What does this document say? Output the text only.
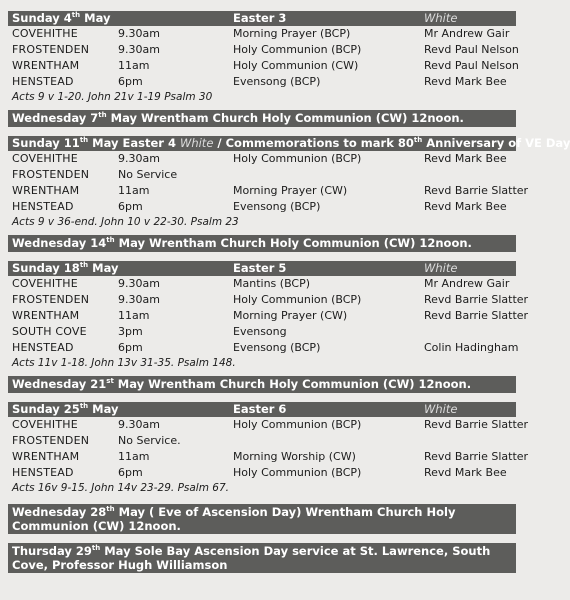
Sunday 4th May	Easter 3	White
COVEHITHE	9.30am	Morning Prayer (BCP)	Mr Andrew Gair
FROSTENDEN	9.30am	Holy Communion (BCP)	Revd Paul Nelson
WRENTHAM	11am	Holy Communion (CW)	Revd Paul Nelson
HENSTEAD	6pm	Evensong (BCP)	Revd Mark Bee
Acts 9 v 1-20. John 21v 1-19 Psalm 30
Wednesday 7th May Wrentham Church Holy Communion (CW) 12noon.
Sunday 11th May Easter 4 White / Commemorations to mark 80th Anniversary of VE Day
COVEHITHE	9.30am	Holy Communion (BCP)	Revd Mark Bee
FROSTENDEN	No Service
WRENTHAM	11am	Morning Prayer (CW)	Revd Barrie Slatter
HENSTEAD	6pm	Evensong (BCP)	Revd Mark Bee
Acts 9 v 36-end. John 10 v 22-30. Psalm 23
Wednesday 14th May Wrentham Church Holy Communion (CW) 12noon.
Sunday 18th May	Easter 5	White
COVEHITHE	9.30am	Mantins (BCP)	Mr Andrew Gair
FROSTENDEN	9.30am	Holy Communion (BCP)	Revd Barrie Slatter
WRENTHAM	11am	Morning Prayer (CW)	Revd Barrie Slatter
SOUTH COVE	3pm	Evensong
HENSTEAD	6pm	Evensong (BCP)	Colin Hadingham
Acts 11v 1-18. John 13v 31-35. Psalm 148.
Wednesday 21st May Wrentham Church Holy Communion (CW) 12noon.
Sunday 25th May	Easter 6	White
COVEHITHE	9.30am	Holy Communion (BCP)	Revd Barrie Slatter
FROSTENDEN	No Service.
WRENTHAM	11am	Morning Worship (CW)	Revd Barrie Slatter
HENSTEAD	6pm	Holy Communion (BCP)	Revd Mark Bee
Acts 16v 9-15. John 14v 23-29. Psalm 67.
Wednesday 28th May ( Eve of Ascension Day) Wrentham Church Holy Communion (CW) 12noon.
Thursday 29th May Sole Bay Ascension Day service at St. Lawrence, South Cove, Professor Hugh Williamson
